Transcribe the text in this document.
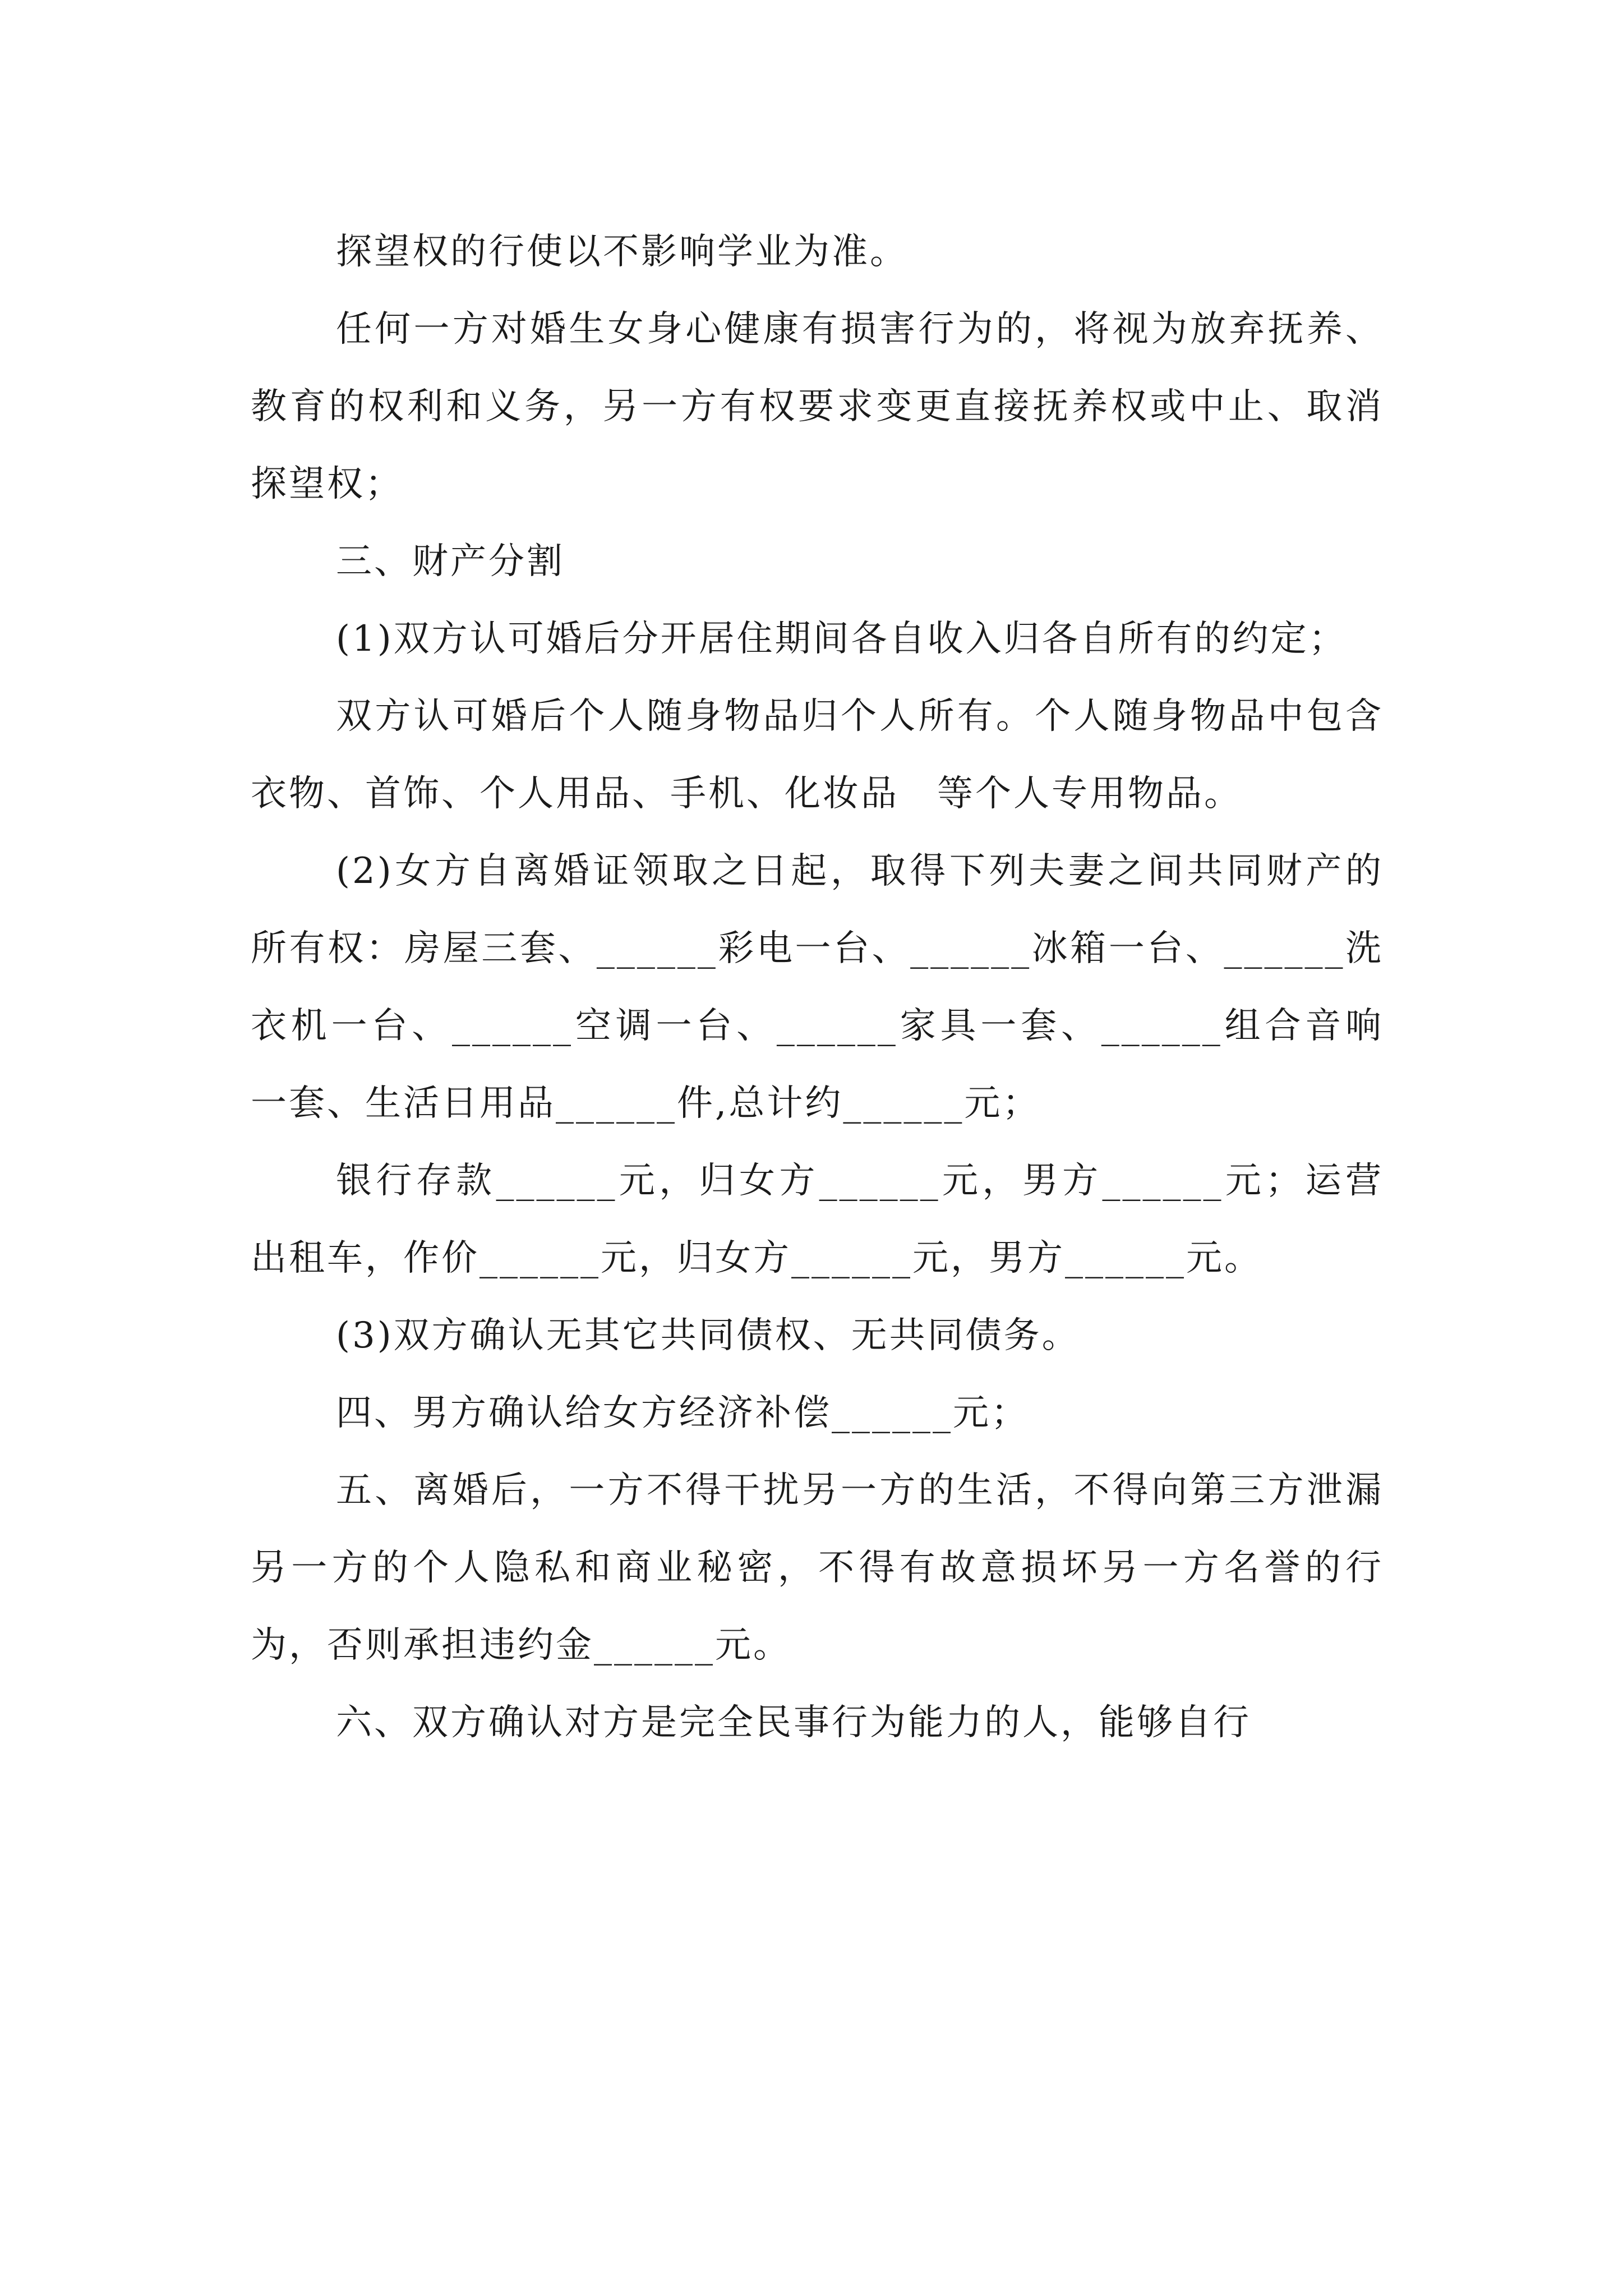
探望权的行使以不影响学业为准。

任何一方对婚生女身心健康有损害行为的，将视为放弃抚养、教育的权利和义务，另一方有权要求变更直接抚养权或中止、取消探望权；

三、财产分割

(1)双方认可婚后分开居住期间各自收入归各自所有的约定；

双方认可婚后个人随身物品归个人所有。个人随身物品中包含衣物、首饰、个人用品、手机、化妆品　等个人专用物品。

(2)女方自离婚证领取之日起，取得下列夫妻之间共同财产的所有权：房屋三套、______彩电一台、______冰箱一台、______洗衣机一台、______空调一台、______家具一套、______组合音响　一套、生活日用品______件,总计约______元；

银行存款______元，归女方______元，男方______元；运营出租车，作价______元，归女方______元，男方______元。

(3)双方确认无其它共同债权、无共同债务。

四、男方确认给女方经济补偿______元；

五、离婚后，一方不得干扰另一方的生活，不得向第三方泄漏另一方的个人隐私和商业秘密，不得有故意损坏另一方名誉的行为，否则承担违约金______元。

六、双方确认对方是完全民事行为能力的人，能够自行
